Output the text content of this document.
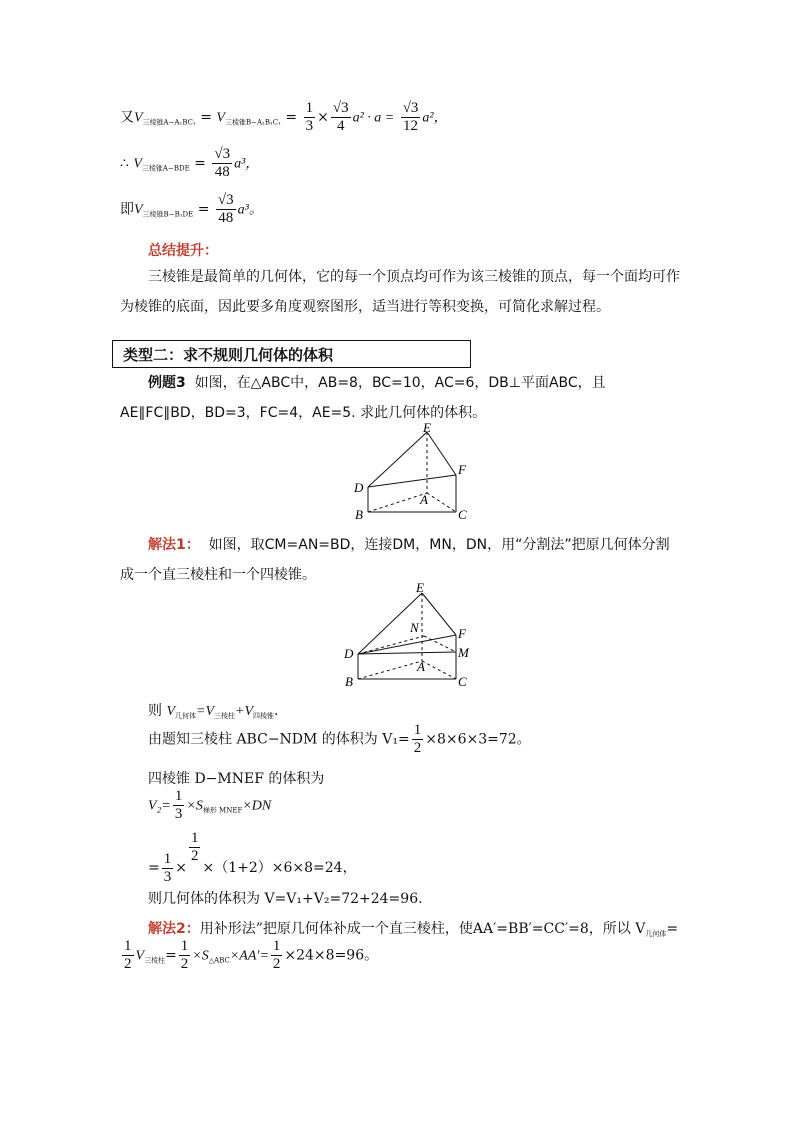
又$V_{三棱锥A-A_1BC_1} = V_{三棱锥B-A_1B_1C_1} = \frac{1}{3} \times \frac{√3}{4} a^2 \cdot a = \frac{√3}{12} a^2$，
∴ $V_{三棱锥A-BDE} = \frac{√3}{48} a^3$，
即$V_{三棱锥B-B_1DE} = \frac{√3}{48} a^3$。
总结提升：
三棱锥是最简单的几何体，它的每一个顶点均可作为该三棱锥的顶点，每一个面均可作为棱锥的底面，因此要多角度观察图形，适当进行等积变换，可简化求解过程。
类型二：求不规则几何体的体积
例题3 如图，在△ABC中，AB=8，BC=10，AC=6，DB⊥平面ABC，且AE∥FC∥BD，BD=3，FC=4，AE=5. 求此几何体的体积。
E
F
D
A
B	C
解法1： 如图，取CM=AN=BD，连接DM，MN，DN，用“分割法”把原几何体分割成一个直三棱柱和一个四棱锥。
E
N	F
D	M
A
B	C
则 $V_{几何体}=V_{三棱柱}+V_{四棱锥}$.
由题知三棱柱 ABC−NDM 的体积为 $V_1= \frac{1}{2} \times 8\times 6\times 3=72$。
四棱锥 D−MNEF 的体积为
$V_2= \frac{1}{3} \times S_{梯形 MNEF}\times DN$
= $\frac{1}{3}$ ×
$\frac{1}{2}$
×（1+2）×6×8=24，
则几何体的体积为 V=V₁+V₂=72+24=96.
解法2：用补形法”把原几何体补成一个直三棱柱，使AA′=BB′=CC′=8，所以 $V_{几何体}=$
$\frac{1}{2} V_{三棱柱}= \frac{1}{2} \times S_{\triangle ABC}\times AA'= \frac{1}{2} \times 24\times 8=96$。
